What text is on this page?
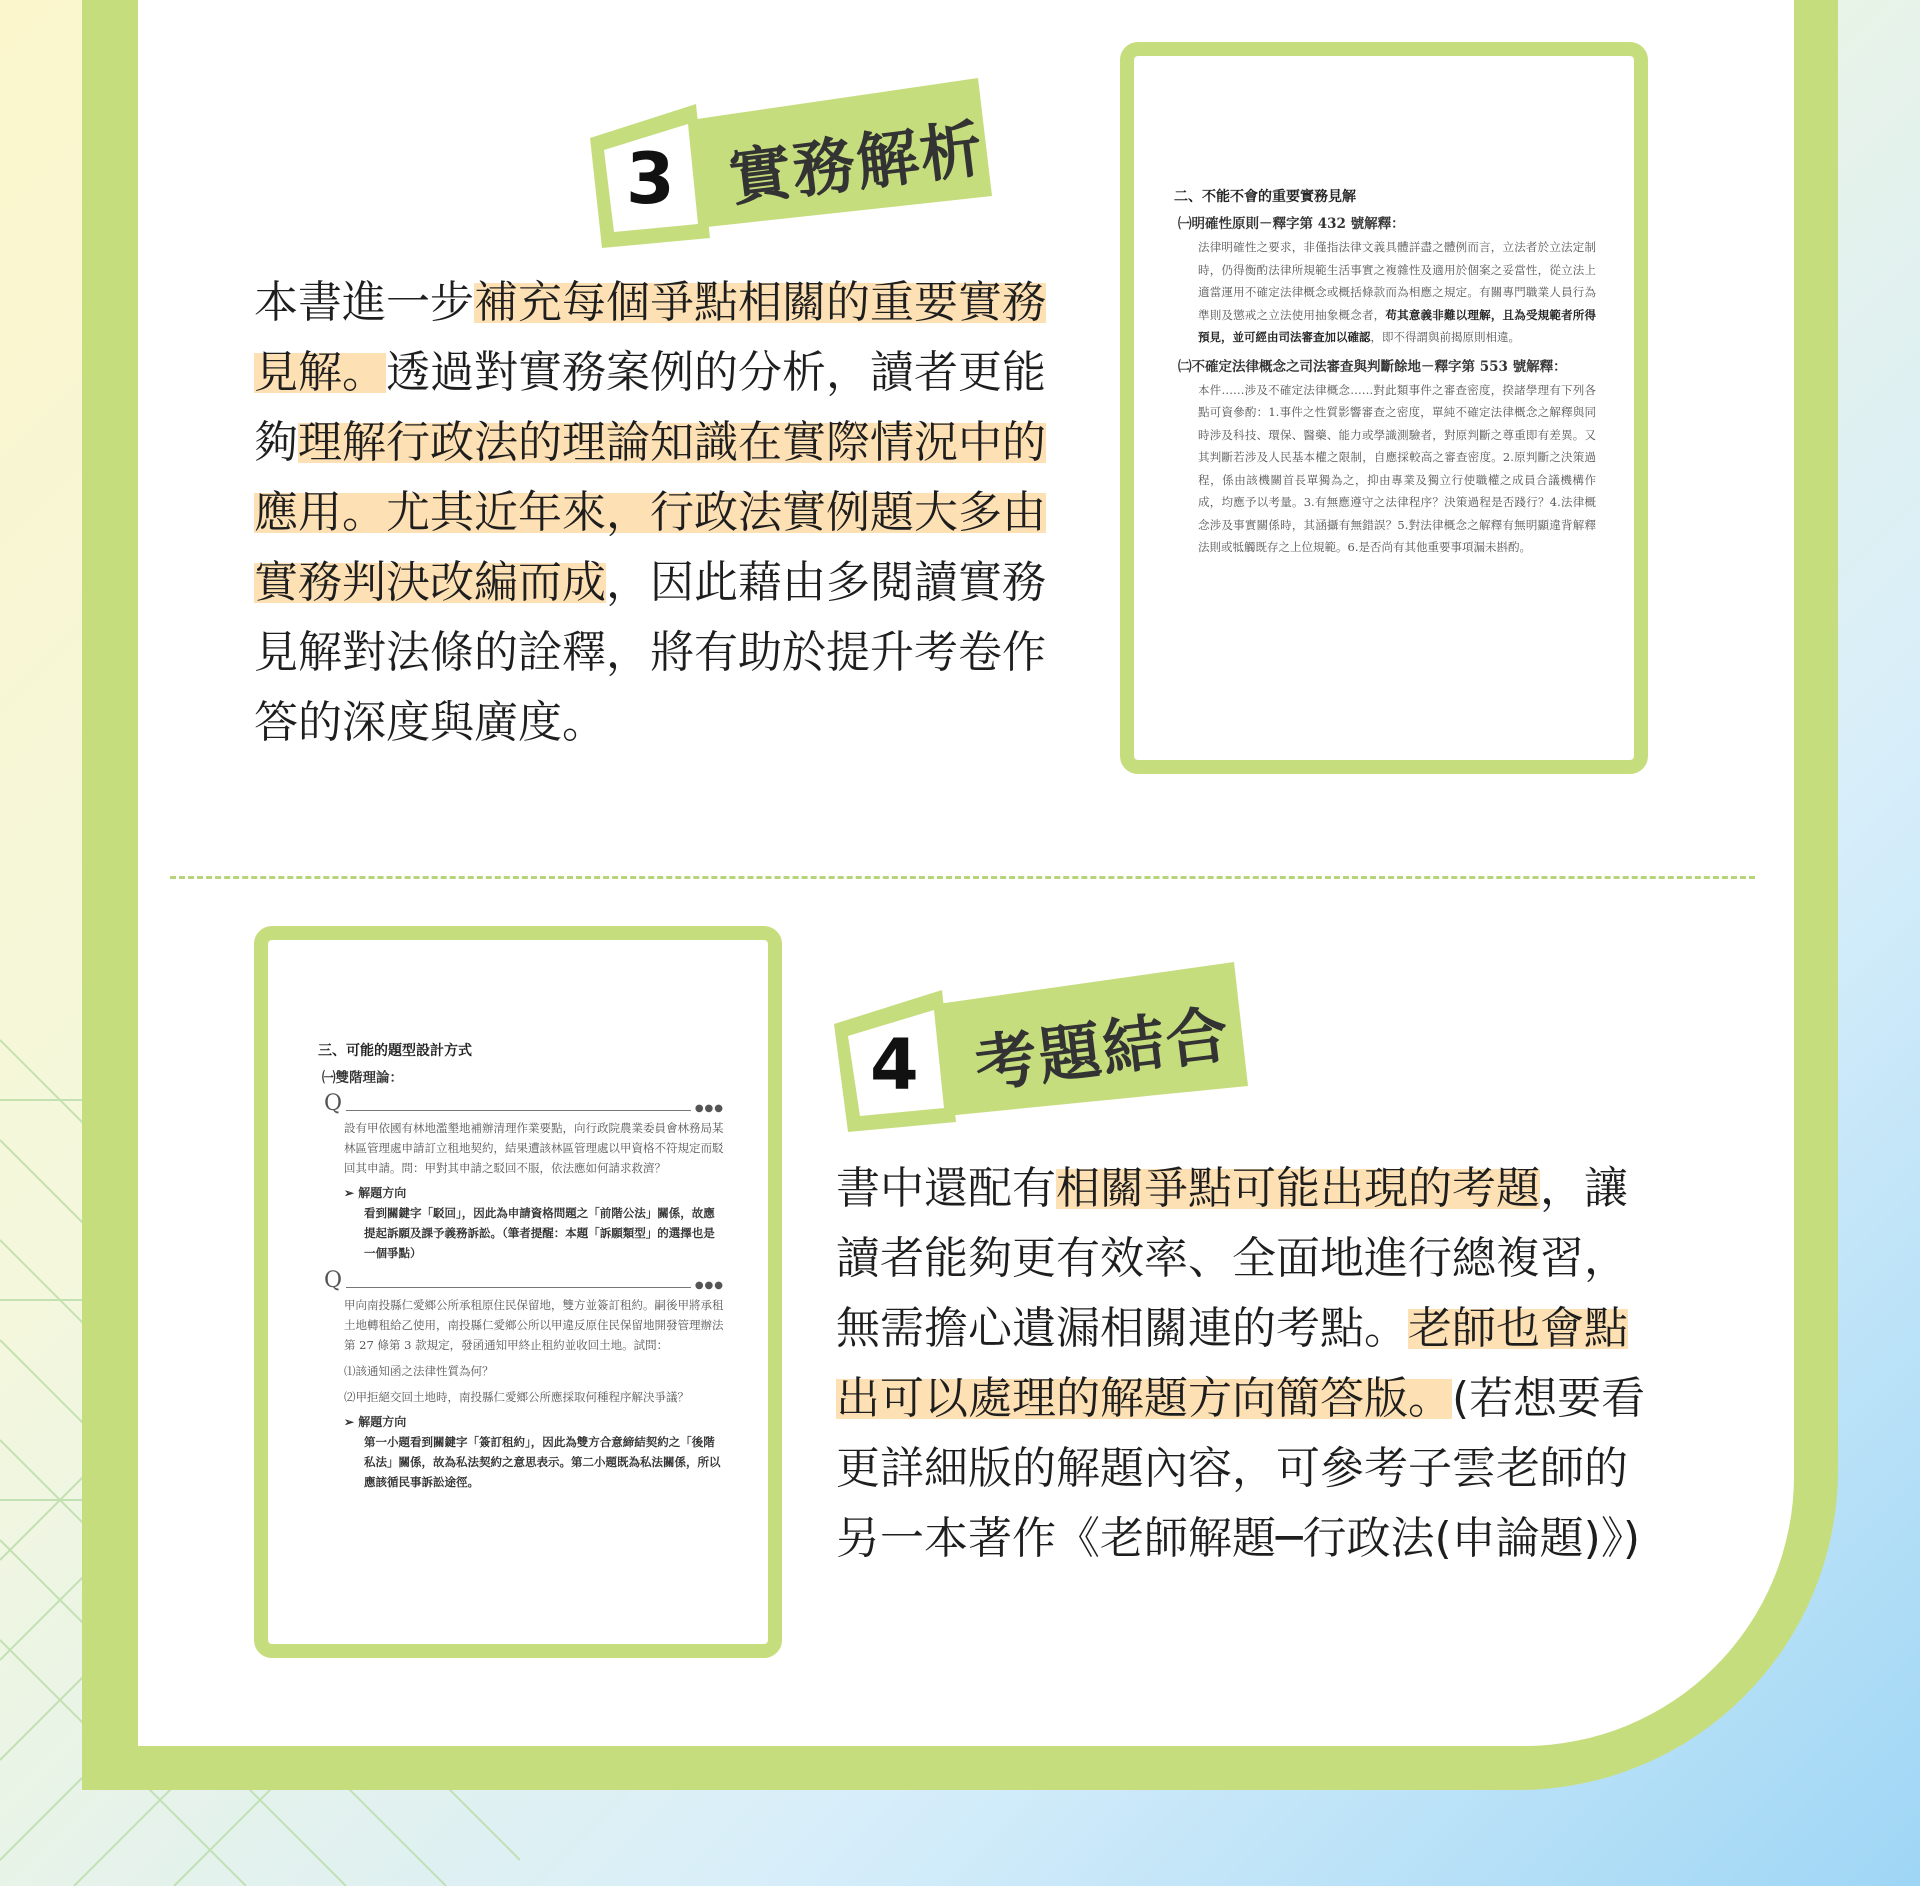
3 實務解析
本書進一步補充每個爭點相關的重要實務見解。透過對實務案例的分析，讀者更能夠理解行政法的理論知識在實際情況中的應用。尤其近年來，行政法實例題大多由實務判決改編而成，因此藉由多閱讀實務見解對法條的詮釋，將有助於提升考卷作答的深度與廣度。
二、不能不會的重要實務見解
㈠明確性原則－釋字第 432 號解釋：
法律明確性之要求，非僅指法律文義具體詳盡之體例而言，立法者於立法定制時，仍得衡酌法律所規範生活事實之複雜性及適用於個案之妥當性，從立法上適當運用不確定法律概念或概括條款而為相應之規定。有關專門職業人員行為準則及懲戒之立法使用抽象概念者，苟其意義非難以理解，且為受規範者所得預見，並可經由司法審查加以確認，即不得謂與前揭原則相違。
㈡不確定法律概念之司法審查與判斷餘地－釋字第 553 號解釋：
本件……涉及不確定法律概念……對此類事件之審查密度，揆諸學理有下列各點可資參酌：1.事件之性質影響審查之密度，單純不確定法律概念之解釋與同時涉及科技、環保、醫藥、能力或學識測驗者，對原判斷之尊重即有差異。又其判斷若涉及人民基本權之限制，自應採較高之審查密度。2.原判斷之決策過程，係由該機關首長單獨為之，抑由專業及獨立行使職權之成員合議機構作成，均應予以考量。3.有無應遵守之法律程序？決策過程是否踐行？4.法律概念涉及事實關係時，其涵攝有無錯誤？5.對法律概念之解釋有無明顯違背解釋法則或牴觸既存之上位規範。6.是否尚有其他重要事項漏未斟酌。
三、可能的題型設計方式
㈠雙階理論：
Q	●●●
設有甲依國有林地濫墾地補辦清理作業要點，向行政院農業委員會林務局某林區管理處申請訂立租地契約，結果遭該林區管理處以甲資格不符規定而駁回其申請。問：甲對其申請之駁回不服，依法應如何請求救濟？
➢ 解題方向
看到關鍵字「駁回」，因此為申請資格問題之「前階公法」關係，故應提起訴願及課予義務訴訟。（筆者提醒：本題「訴願類型」的選擇也是一個爭點）
Q	●●●
甲向南投縣仁愛鄉公所承租原住民保留地，雙方並簽訂租約。嗣後甲將承租土地轉租給乙使用，南投縣仁愛鄉公所以甲違反原住民保留地開發管理辦法第 27 條第 3 款規定，發函通知甲終止租約並收回土地。試問：
⑴該通知函之法律性質為何？
⑵甲拒絕交回土地時，南投縣仁愛鄉公所應採取何種程序解決爭議？
➢ 解題方向
第一小題看到關鍵字「簽訂租約」，因此為雙方合意締結契約之「後階私法」關係，故為私法契約之意思表示。第二小題既為私法關係，所以應該循民事訴訟途徑。
4 考題結合
書中還配有相關爭點可能出現的考題，讓讀者能夠更有效率、全面地進行總複習，無需擔心遺漏相關連的考點。老師也會點出可以處理的解題方向簡答版。(若想要看更詳細版的解題內容，可參考子雲老師的另一本著作《老師解題─行政法(申論題)》)
